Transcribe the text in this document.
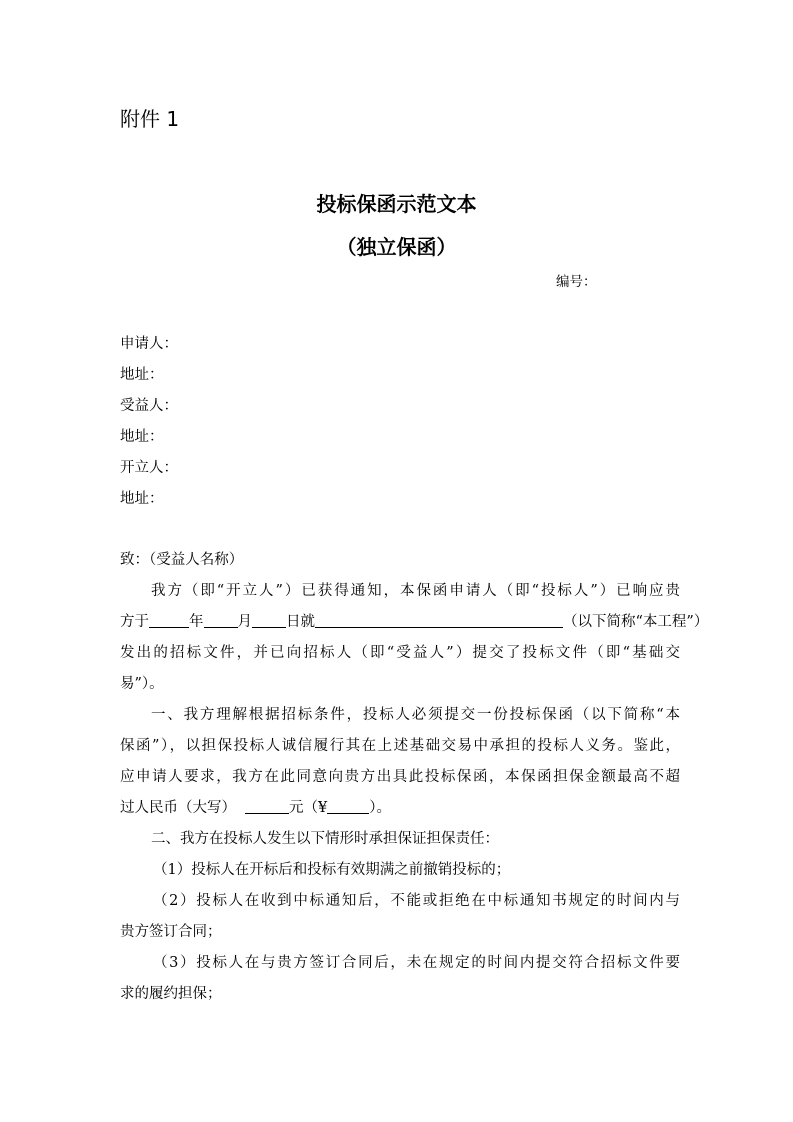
附件 1
投标保函示范文本
（独立保函）
编号：
申请人：
地址：
受益人：
地址：
开立人：
地址：
致：（受益人名称）
我方（即“开立人”）已获得通知，本保函申请人（即“投标人”）已响应贵
方于	年 月 日就	（以下简称“本工程”）
发出的招标文件，并已向招标人（即“受益人”）提交了投标文件（即“基础交
易”）。
一、我方理解根据招标条件，投标人必须提交一份投标保函（以下简称“本
保函”），以担保投标人诚信履行其在上述基础交易中承担的投标人义务。鉴此，
应申请人要求，我方在此同意向贵方出具此投标保函，本保函担保金额最高不超
过人民币（大写）	元（¥	）。
二、我方在投标人发生以下情形时承担保证担保责任：
（1）投标人在开标后和投标有效期满之前撤销投标的；
（2）投标人在收到中标通知后，不能或拒绝在中标通知书规定的时间内与
贵方签订合同；
（3）投标人在与贵方签订合同后，未在规定的时间内提交符合招标文件要
求的履约担保；
